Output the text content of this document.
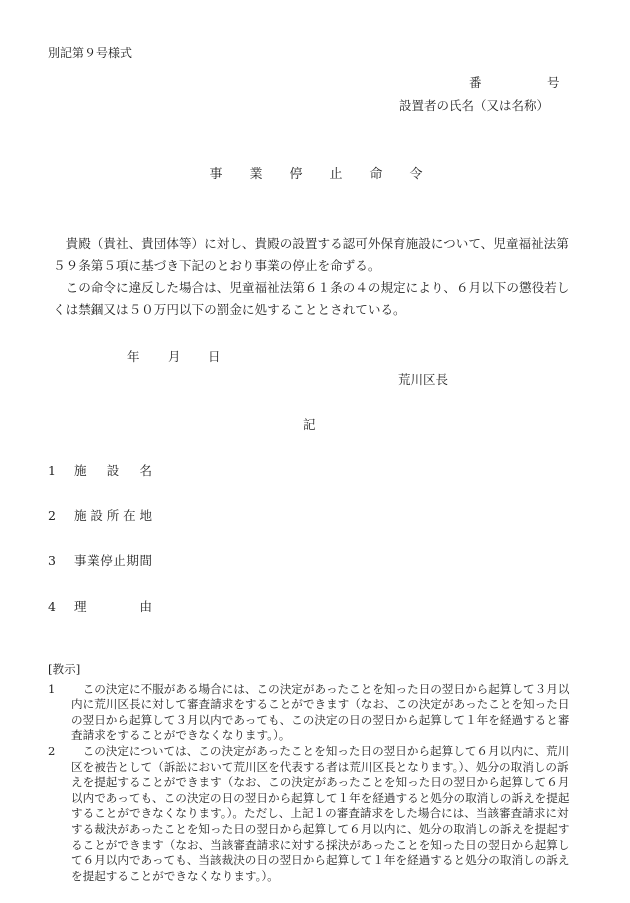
別記第９号様式
番	号
設置者の氏名（又は名称）
事 業 停 止 命 令

貴殿（貴社、貴団体等）に対し、貴殿の設置する認可外保育施設について、児童福祉法第５９条第５項に基づき下記のとおり事業の停止を命ずる。

この命令に違反した場合は、児童福祉法第６１条の４の規定により、６月以下の懲役若しくは禁錮又は５０万円以下の罰金に処することとされている。

年 月 日
荒川区長
記
1 施設名
2 施設所在地
3 事業停止期間
4 理由
[教示]
1	この決定に不服がある場合には、この決定があったことを知った日の翌日から起算して３月以内に荒川区長に対して審査請求をすることができます（なお、この決定があったことを知った日の翌日から起算して３月以内であっても、この決定の日の翌日から起算して１年を経過すると審査請求をすることができなくなります。）。
2	この決定については、この決定があったことを知った日の翌日から起算して６月以内に、荒川区を被告として（訴訟において荒川区を代表する者は荒川区長となります。）、処分の取消しの訴えを提起することができます（なお、この決定があったことを知った日の翌日から起算して６月以内であっても、この決定の日の翌日から起算して１年を経過すると処分の取消しの訴えを提起することができなくなります。）。ただし、上記１の審査請求をした場合には、当該審査請求に対する裁決があったことを知った日の翌日から起算して６月以内に、処分の取消しの訴えを提起することができます（なお、当該審査請求に対する採決があったことを知った日の翌日から起算して６月以内であっても、当該裁決の日の翌日から起算して１年を経過すると処分の取消しの訴えを提起することができなくなります。）。
